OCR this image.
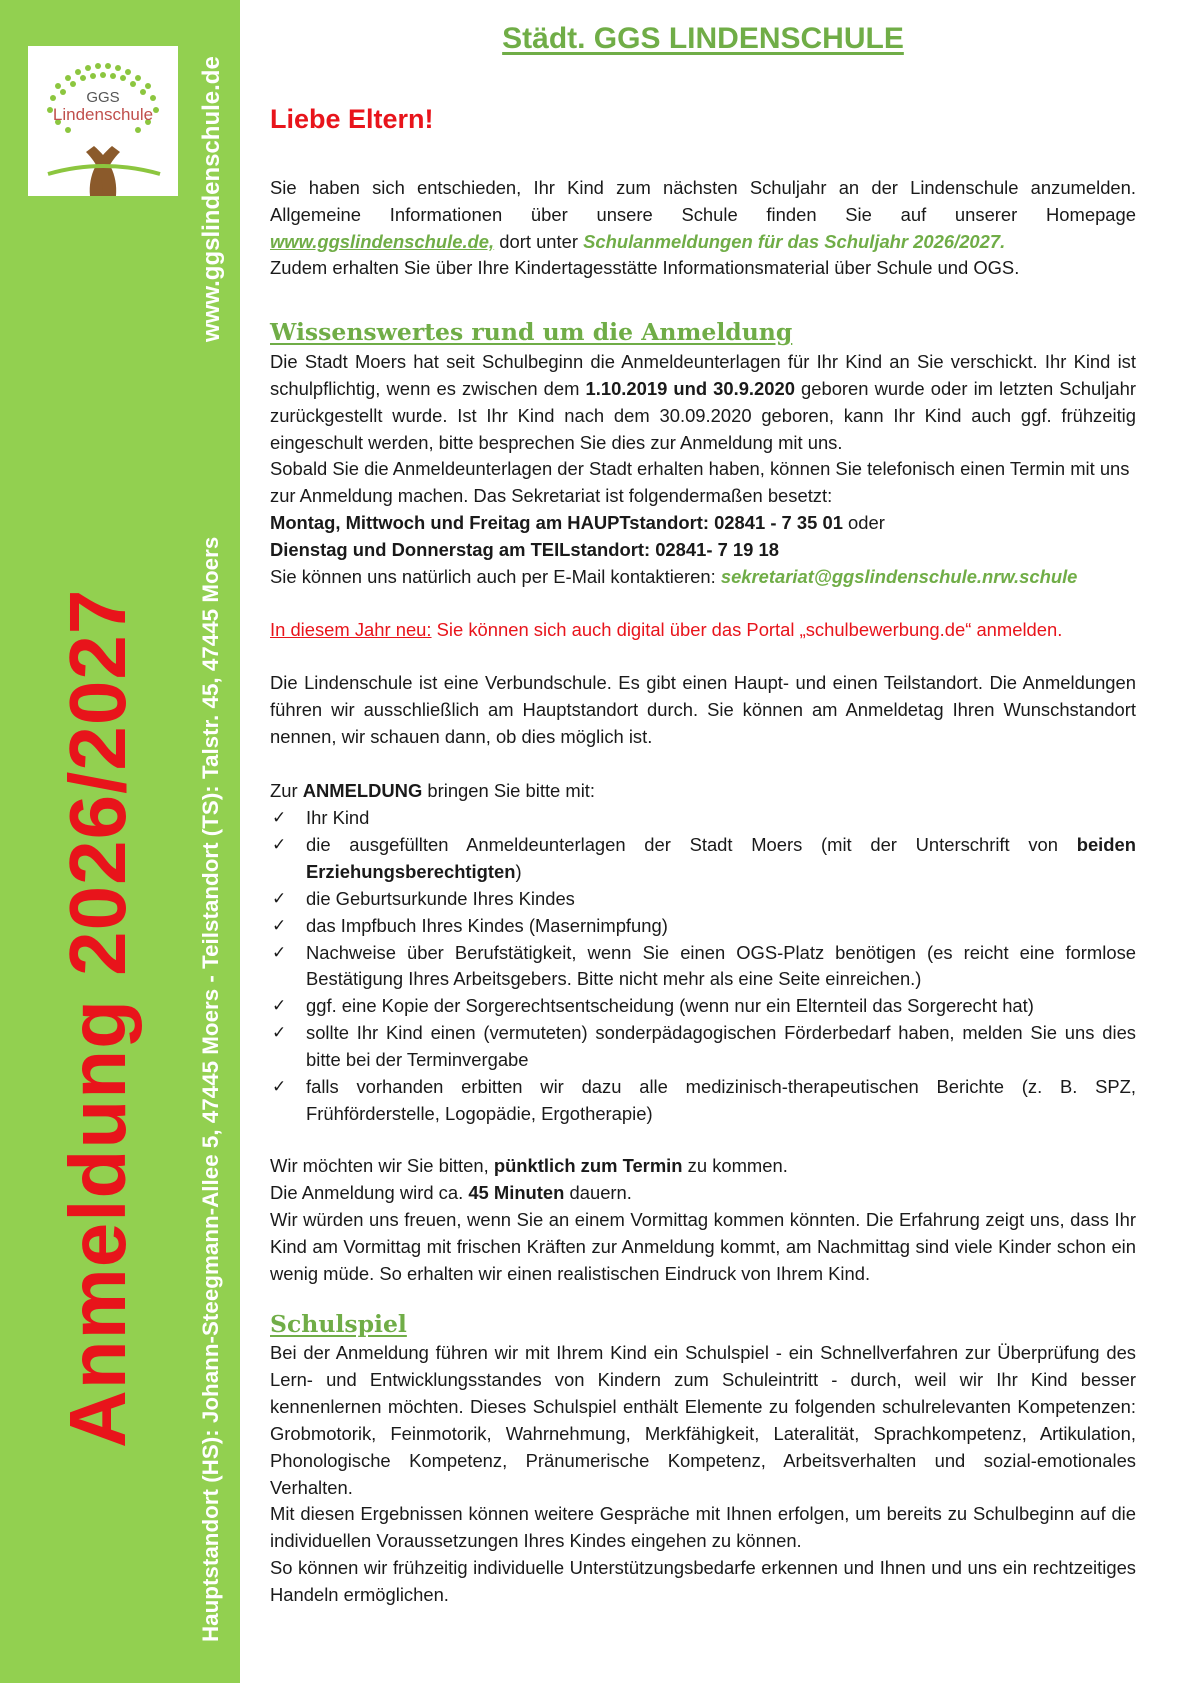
GGS
Lindenschule
Anmeldung 2026/2027
www.ggslindenschule.de
Hauptstandort (HS): Johann-Steegmann-Allee 5, 47445 Moers - Teilstandort (TS): Talstr. 45, 47445 Moers
Städt. GGS LINDENSCHULE
Liebe Eltern!

Sie haben sich entschieden, Ihr Kind zum nächsten Schuljahr an der Lindenschule anzumelden. Allgemeine Informationen über unsere Schule finden Sie auf unserer Homepage www.ggslindenschule.de, dort unter Schulanmeldungen für das Schuljahr 2026/2027.

Zudem erhalten Sie über Ihre Kindertagesstätte Informationsmaterial über Schule und OGS.

Wissenswertes rund um die Anmeldung

Die Stadt Moers hat seit Schulbeginn die Anmeldeunterlagen für Ihr Kind an Sie verschickt. Ihr Kind ist schulpflichtig, wenn es zwischen dem 1.10.2019 und 30.9.2020 geboren wurde oder im letzten Schuljahr zurückgestellt wurde. Ist Ihr Kind nach dem 30.09.2020 geboren, kann Ihr Kind auch ggf. frühzeitig eingeschult werden, bitte besprechen Sie dies zur Anmeldung mit uns.

Sobald Sie die Anmeldeunterlagen der Stadt erhalten haben, können Sie telefonisch einen Termin mit uns zur Anmeldung machen. Das Sekretariat ist folgendermaßen besetzt:

Montag, Mittwoch und Freitag am HAUPTstandort: 02841 - 7 35 01 oder

Dienstag und Donnerstag am TEILstandort: 02841- 7 19 18

Sie können uns natürlich auch per E-Mail kontaktieren: sekretariat@ggslindenschule.nrw.schule

In diesem Jahr neu: Sie können sich auch digital über das Portal „schulbewerbung.de“ anmelden.

Die Lindenschule ist eine Verbundschule. Es gibt einen Haupt- und einen Teilstandort. Die Anmeldungen führen wir ausschließlich am Hauptstandort durch. Sie können am Anmeldetag Ihren Wunschstandort nennen, wir schauen dann, ob dies möglich ist.

Zur ANMELDUNG bringen Sie bitte mit:

✓ Ihr Kind
✓ die ausgefüllten Anmeldeunterlagen der Stadt Moers (mit der Unterschrift von beiden Erziehungsberechtigten)
✓ die Geburtsurkunde Ihres Kindes
✓ das Impfbuch Ihres Kindes (Masernimpfung)
✓ Nachweise über Berufstätigkeit, wenn Sie einen OGS-Platz benötigen (es reicht eine formlose Bestätigung Ihres Arbeitsgebers. Bitte nicht mehr als eine Seite einreichen.)
✓ ggf. eine Kopie der Sorgerechtsentscheidung (wenn nur ein Elternteil das Sorgerecht hat)
✓ sollte Ihr Kind einen (vermuteten) sonderpädagogischen Förderbedarf haben, melden Sie uns dies bitte bei der Terminvergabe
✓ falls vorhanden erbitten wir dazu alle medizinisch-therapeutischen Berichte (z. B. SPZ, Frühförderstelle, Logopädie, Ergotherapie)

Wir möchten wir Sie bitten, pünktlich zum Termin zu kommen.

Die Anmeldung wird ca. 45 Minuten dauern.

Wir würden uns freuen, wenn Sie an einem Vormittag kommen könnten. Die Erfahrung zeigt uns, dass Ihr Kind am Vormittag mit frischen Kräften zur Anmeldung kommt, am Nachmittag sind viele Kinder schon ein wenig müde. So erhalten wir einen realistischen Eindruck von Ihrem Kind.

Schulspiel

Bei der Anmeldung führen wir mit Ihrem Kind ein Schulspiel - ein Schnellverfahren zur Überprüfung des Lern- und Entwicklungsstandes von Kindern zum Schuleintritt - durch, weil wir Ihr Kind besser kennenlernen möchten. Dieses Schulspiel enthält Elemente zu folgenden schulrelevanten Kompetenzen: Grobmotorik, Feinmotorik, Wahrnehmung, Merkfähigkeit, Lateralität, Sprachkompetenz, Artikulation, Phonologische Kompetenz, Pränumerische Kompetenz, Arbeitsverhalten und sozial-emotionales Verhalten.

Mit diesen Ergebnissen können weitere Gespräche mit Ihnen erfolgen, um bereits zu Schulbeginn auf die individuellen Voraussetzungen Ihres Kindes eingehen zu können.

So können wir frühzeitig individuelle Unterstützungsbedarfe erkennen und Ihnen und uns ein rechtzeitiges Handeln ermöglichen.
